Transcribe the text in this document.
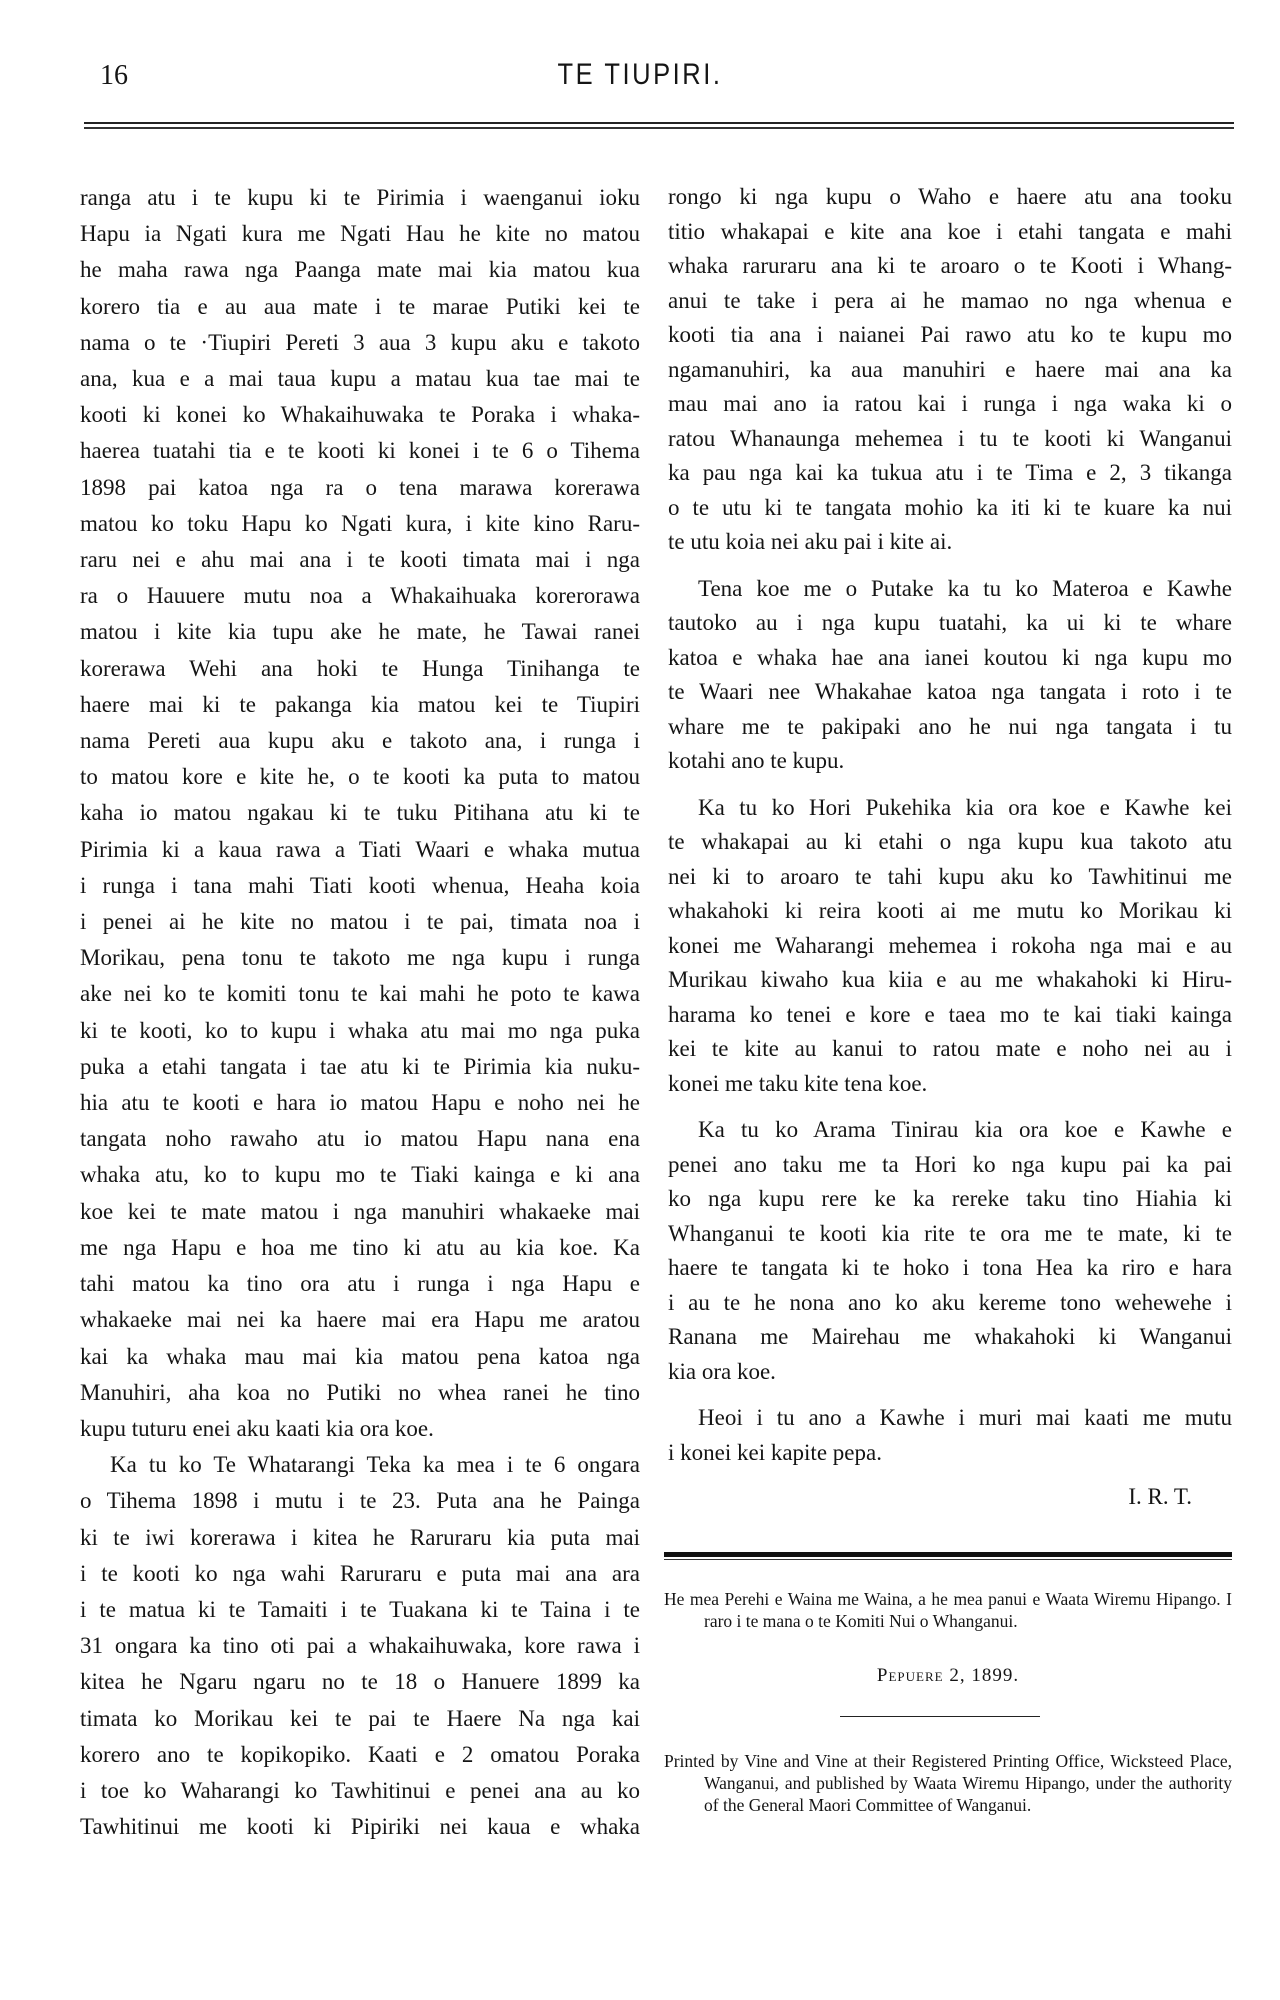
16	TE TIUPIRI.
ranga atu i te kupu ki te Pirimia i waenganui ioku
Hapu ia Ngati kura me Ngati Hau he kite no matou
he maha rawa nga Paanga mate mai kia matou kua
korero tia e au aua mate i te marae Putiki kei te
nama o te ·Tiupiri Pereti 3 aua 3 kupu aku e takoto
ana, kua e a mai taua kupu a matau kua tae mai te
kooti ki konei ko Whakaihuwaka te Poraka i whaka-
haerea tuatahi tia e te kooti ki konei i te 6 o Tihema
1898 pai katoa nga ra o tena marawa korerawa
matou ko toku Hapu ko Ngati kura, i kite kino Raru-
raru nei e ahu mai ana i te kooti timata mai i nga
ra o Hauuere mutu noa a Whakaihuaka korerorawa
matou i kite kia tupu ake he mate, he Tawai ranei
korerawa Wehi ana hoki te Hunga Tinihanga te
haere mai ki te pakanga kia matou kei te Tiupiri
nama Pereti aua kupu aku e takoto ana, i runga i
to matou kore e kite he, o te kooti ka puta to matou
kaha io matou ngakau ki te tuku Pitihana atu ki te
Pirimia ki a kaua rawa a Tiati Waari e whaka mutua
i runga i tana mahi Tiati kooti whenua, Heaha koia
i penei ai he kite no matou i te pai, timata noa i
Morikau, pena tonu te takoto me nga kupu i runga
ake nei ko te komiti tonu te kai mahi he poto te kawa
ki te kooti, ko to kupu i whaka atu mai mo nga puka
puka a etahi tangata i tae atu ki te Pirimia kia nuku-
hia atu te kooti e hara io matou Hapu e noho nei he
tangata noho rawaho atu io matou Hapu nana ena
whaka atu, ko to kupu mo te Tiaki kainga e ki ana
koe kei te mate matou i nga manuhiri whakaeke mai
me nga Hapu e hoa me tino ki atu au kia koe. Ka
tahi matou ka tino ora atu i runga i nga Hapu e
whakaeke mai nei ka haere mai era Hapu me aratou
kai ka whaka mau mai kia matou pena katoa nga
Manuhiri, aha koa no Putiki no whea ranei he tino
kupu tuturu enei aku kaati kia ora koe.
Ka tu ko Te Whatarangi Teka ka mea i te 6 ongara
o Tihema 1898 i mutu i te 23. Puta ana he Painga
ki te iwi korerawa i kitea he Raruraru kia puta mai
i te kooti ko nga wahi Raruraru e puta mai ana ara
i te matua ki te Tamaiti i te Tuakana ki te Taina i te
31 ongara ka tino oti pai a whakaihuwaka, kore rawa i
kitea he Ngaru ngaru no te 18 o Hanuere 1899 ka
timata ko Morikau kei te pai te Haere Na nga kai
korero ano te kopikopiko. Kaati e 2 omatou Poraka
i toe ko Waharangi ko Tawhitinui e penei ana au ko
Tawhitinui me kooti ki Pipiriki nei kaua e whaka
rongo ki nga kupu o Waho e haere atu ana tooku
titio whakapai e kite ana koe i etahi tangata e mahi
whaka raruraru ana ki te aroaro o te Kooti i Whang-
anui te take i pera ai he mamao no nga whenua e
kooti tia ana i naianei Pai rawo atu ko te kupu mo
ngamanuhiri, ka aua manuhiri e haere mai ana ka
mau mai ano ia ratou kai i runga i nga waka ki o
ratou Whanaunga mehemea i tu te kooti ki Wanganui
ka pau nga kai ka tukua atu i te Tima e 2, 3 tikanga
o te utu ki te tangata mohio ka iti ki te kuare ka nui
te utu koia nei aku pai i kite ai.
Tena koe me o Putake ka tu ko Materoa e Kawhe
tautoko au i nga kupu tuatahi, ka ui ki te whare
katoa e whaka hae ana ianei koutou ki nga kupu mo
te Waari nee Whakahae katoa nga tangata i roto i te
whare me te pakipaki ano he nui nga tangata i tu
kotahi ano te kupu.
Ka tu ko Hori Pukehika kia ora koe e Kawhe kei
te whakapai au ki etahi o nga kupu kua takoto atu
nei ki to aroaro te tahi kupu aku ko Tawhitinui me
whakahoki ki reira kooti ai me mutu ko Morikau ki
konei me Waharangi mehemea i rokoha nga mai e au
Murikau kiwaho kua kiia e au me whakahoki ki Hiru-
harama ko tenei e kore e taea mo te kai tiaki kainga
kei te kite au kanui to ratou mate e noho nei au i
konei me taku kite tena koe.
Ka tu ko Arama Tinirau kia ora koe e Kawhe e
penei ano taku me ta Hori ko nga kupu pai ka pai
ko nga kupu rere ke ka rereke taku tino Hiahia ki
Whanganui te kooti kia rite te ora me te mate, ki te
haere te tangata ki te hoko i tona Hea ka riro e hara
i au te he nona ano ko aku kereme tono wehewehe i
Ranana me Mairehau me whakahoki ki Wanganui
kia ora koe.
Heoi i tu ano a Kawhe i muri mai kaati me mutu
i konei kei kapite pepa.
I. R. T.
He mea Perehi e Waina me Waina, a he mea panui e Waata Wiremu Hipango. I raro i te mana o te Komiti Nui o Whanganui.
Pepuere 2, 1899.
Printed by Vine and Vine at their Registered Printing Office, Wicksteed Place, Wanganui, and published by Waata Wiremu Hipango, under the authority of the General Maori Committee of Wanganui.
